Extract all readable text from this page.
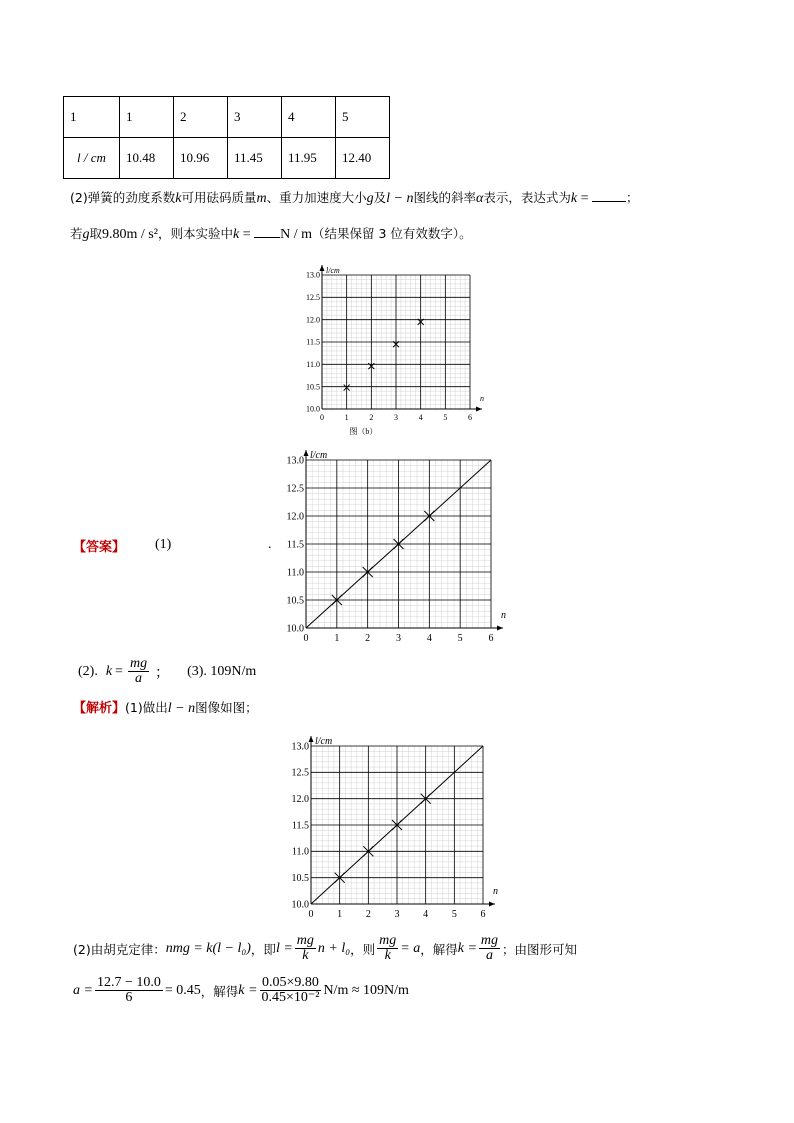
1	1	2	3	4	5
l / cm	10.48	10.96	11.45	11.95	12.40
(2)弹簧的劲度系数k可用砝码质量m、重力加速度大小g及l − n图线的斜率α表示，表达式为k =	；
若g取9.80m / s²，则本实验中k = N / m（结果保留 3 位有效数字）。
0	1	2	3	4	5	6
10.0
10.5
11.0
11.5
12.0
12.5
13.0
n
l/cm
图（b）
【答案】 (1)	.
0	1	2	3	4	5	6
10.0
10.5
11.0
11.5
12.0
12.5
13.0
n
l/cm
(2). $k = \frac{mg}{a}$ ； (3). 109N/m
【解析】 (1)做出 l − n 图像如图；
0 1 2 3 4 5 6
10.0
10.5
11.0
11.5
12.0
12.5
13.0
n
l/cm
(2)由胡克定律： nmg = k(l − l₀) ，即 $l = \frac{mg}{k}$ n + l₀ ，则 $\frac{mg}{k} = a$ ，解得 $k = \frac{mg}{a}$ ；由图形可知
$a = \frac{12.7 - 10.0}{6} = 0.45$ ，解得 $k = \frac{0.05\times 9.80}{\text{0.45×10⁻²}} N/m \approx 109N/m$
